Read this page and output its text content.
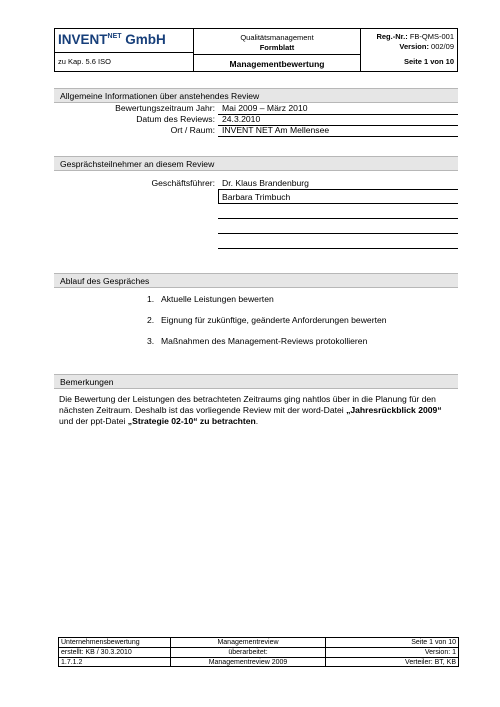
$INVENT^{NET}$ GmbH
zu Kap. 5.6 ISO
Qualitätsmanagement
Formblatt
Managementbewertung
Reg.-Nr.: FB-QMS-001
Version: 002/09
Seite 1 von 10
Allgemeine Informationen über anstehendes Review
Bewertungszeitraum Jahr: Mai 2009 – März 2010
Datum des Reviews: 24.3.2010
Ort / Raum: INVENT NET Am Mellensee
Gesprächsteilnehmer an diesem Review
Geschäftsführer: Dr. Klaus Brandenburg
Barbara Trimbuch
Ablauf des Gespräches
1. Aktuelle Leistungen bewerten
2. Eignung für zukünftige, geänderte Anforderungen bewerten
3. Maßnahmen des Management-Reviews protokollieren
Bemerkungen
Die Bewertung der Leistungen des betrachteten Zeitraums ging nahtlos über in die Planung für den nächsten Zeitraum. Deshalb ist das vorliegende Review mit der word-Datei „Jahresrückblick 2009“ und der ppt-Datei „Strategie 02-10“ zu betrachten.
Unternehmensbewertung	Managementreview	Seite 1 von 10
erstellt: KB / 30.3.2010	überarbeitet:	Version: 1
1.7.1.2	Managementreview 2009	Verteiler: BT, KB
